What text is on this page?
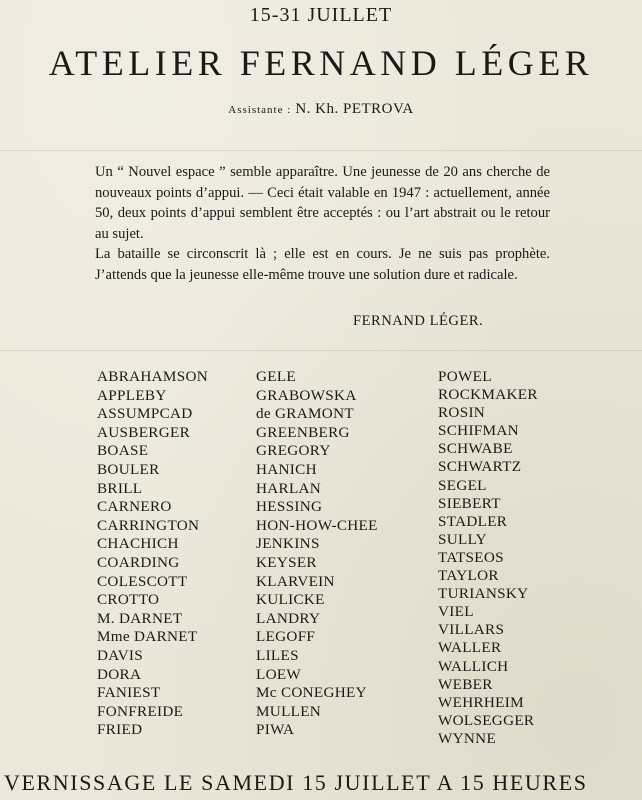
15-31 JUILLET
ATELIER FERNAND LÉGER
Assistante : N. Kh. PETROVA

Un “ Nouvel espace ” semble apparaître. Une jeunesse de 20 ans cherche de nouveaux points d’appui. — Ceci était valable en 1947 : actuellement, année 50, deux points d’appui semblent être acceptés : ou l’art abstrait ou le retour au sujet.

La bataille se circonscrit là ; elle est en cours. Je ne suis pas prophète. J’attends que la jeunesse elle-même trouve une solution dure et radicale.

FERNAND LÉGER.
ABRAHAMSON
APPLEBY
ASSUMPCAD
AUSBERGER
BOASE
BOULER
BRILL
CARNERO
CARRINGTON
CHACHICH
COARDING
COLESCOTT
CROTTO
M. DARNET
Mme DARNET
DAVIS
DORA
FANIEST
FONFREIDE
FRIED
GELE
GRABOWSKA
de GRAMONT
GREENBERG
GREGORY
HANICH
HARLAN
HESSING
HON-HOW-CHEE
JENKINS
KEYSER
KLARVEIN
KULICKE
LANDRY
LEGOFF
LILES
LOEW
Mc CONEGHEY
MULLEN
PIWA
POWEL
ROCKMAKER
ROSIN
SCHIFMAN
SCHWABE
SCHWARTZ
SEGEL
SIEBERT
STADLER
SULLY
TATSEOS
TAYLOR
TURIANSKY
VIEL
VILLARS
WALLER
WALLICH
WEBER
WEHRHEIM
WOLSEGGER
WYNNE
VERNISSAGE LE SAMEDI 15 JUILLET A 15 HEURES
